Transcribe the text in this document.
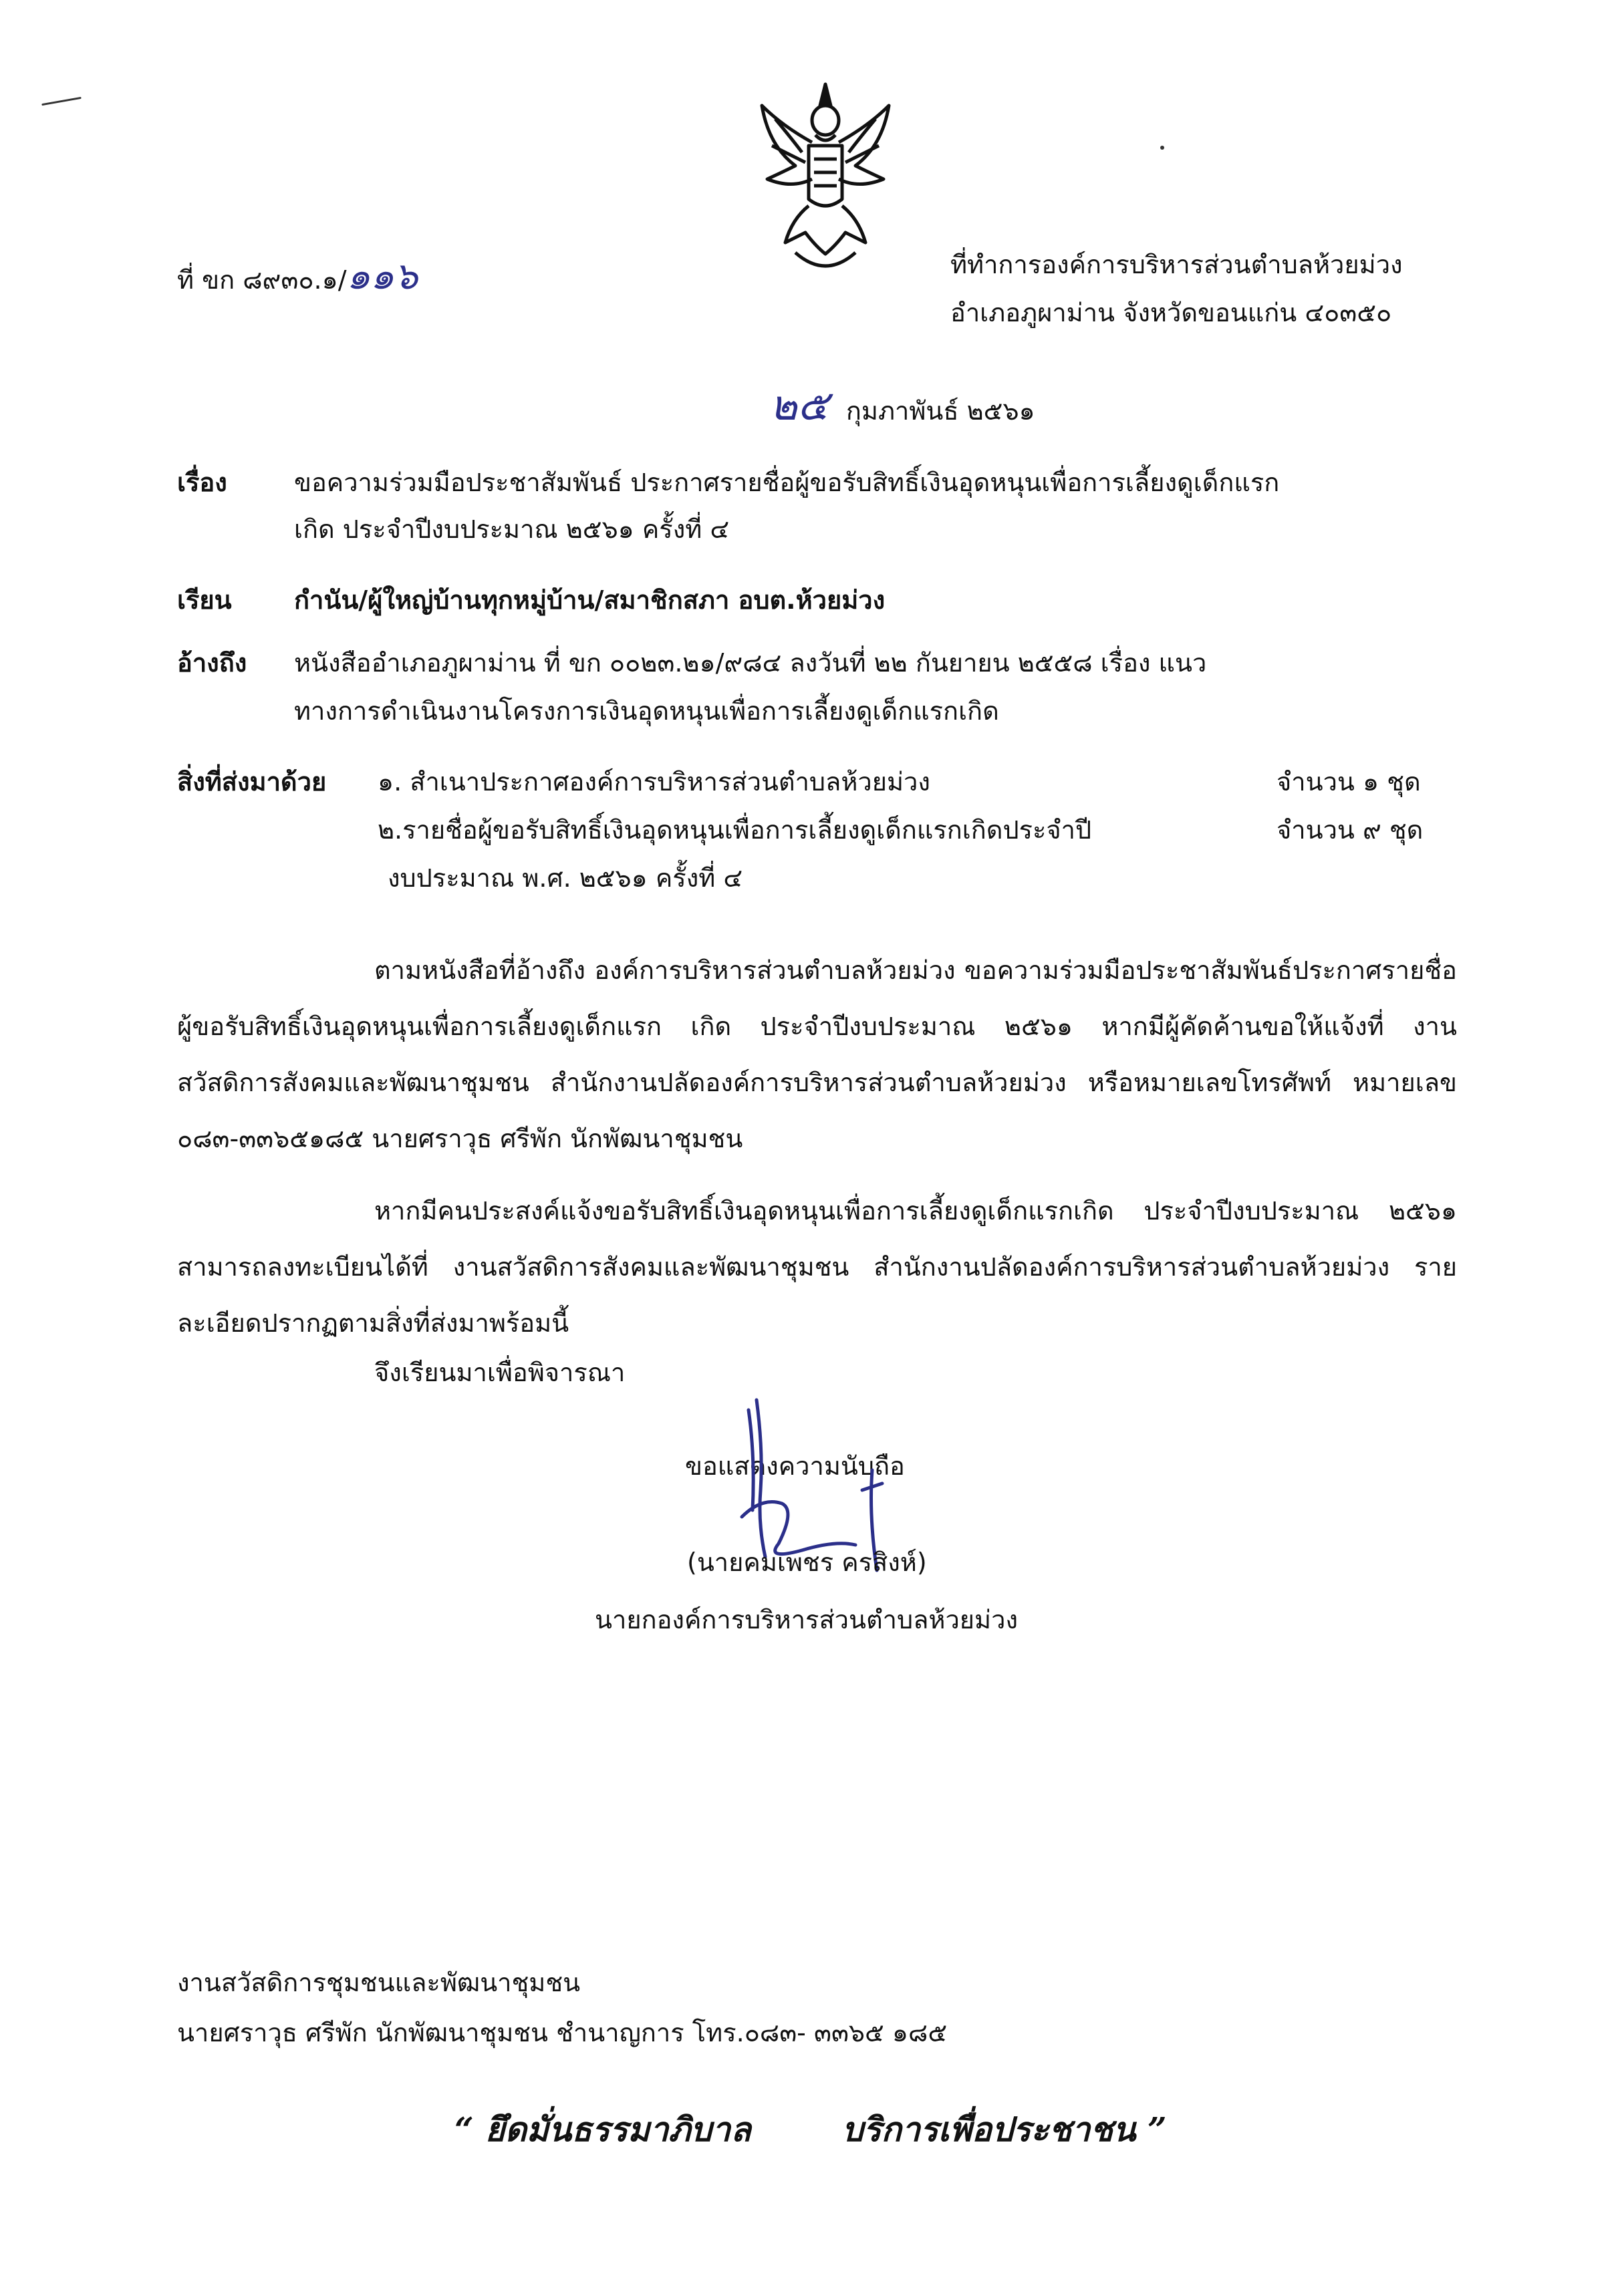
ที่ ขก ๘๙๓๐.๑/๑๑๖	ที่ทำการองค์การบริหารส่วนตำบลห้วยม่วง
อำเภอภูผาม่าน จังหวัดขอนแก่น ๔๐๓๕๐
๒๕ กุมภาพันธ์ ๒๕๖๑
เรื่อง	ขอความร่วมมือประชาสัมพันธ์ ประกาศรายชื่อผู้ขอรับสิทธิ์เงินอุดหนุนเพื่อการเลี้ยงดูเด็กแรก
เกิด ประจำปีงบประมาณ ๒๕๖๑ ครั้งที่ ๔
เรียน กำนัน/ผู้ใหญ่บ้านทุกหมู่บ้าน/สมาชิกสภา อบต.ห้วยม่วง
อ้างถึง หนังสืออำเภอภูผาม่าน ที่ ขก ๐๐๒๓.๒๑/๙๘๔ ลงวันที่ ๒๒ กันยายน ๒๕๕๘ เรื่อง แนว
ทางการดำเนินงานโครงการเงินอุดหนุนเพื่อการเลี้ยงดูเด็กแรกเกิด
สิ่งที่ส่งมาด้วย ๑. สำเนาประกาศองค์การบริหารส่วนตำบลห้วยม่วง	จำนวน ๑ ชุด
๒.รายชื่อผู้ขอรับสิทธิ์เงินอุดหนุนเพื่อการเลี้ยงดูเด็กแรกเกิดประจำปี	จำนวน ๙ ชุด
งบประมาณ พ.ศ. ๒๕๖๑ ครั้งที่ ๔
ตามหนังสือที่อ้างถึง องค์การบริหารส่วนตำบลห้วยม่วง ขอความร่วมมือประชาสัมพันธ์ประกาศรายชื่อผู้ขอรับสิทธิ์เงินอุดหนุนเพื่อการเลี้ยงดูเด็กแรก เกิด ประจำปีงบประมาณ ๒๕๖๑ หากมีผู้คัดค้านขอให้แจ้งที่ งานสวัสดิการสังคมและพัฒนาชุมชน สำนักงานปลัดองค์การบริหารส่วนตำบลห้วยม่วง หรือหมายเลขโทรศัพท์ หมายเลข ๐๘๓-๓๓๖๕๑๘๕ นายศราวุธ ศรีพัก นักพัฒนาชุมชน
หากมีคนประสงค์แจ้งขอรับสิทธิ์เงินอุดหนุนเพื่อการเลี้ยงดูเด็กแรกเกิด ประจำปีงบประมาณ ๒๕๖๑ สามารถลงทะเบียนได้ที่ งานสวัสดิการสังคมและพัฒนาชุมชน สำนักงานปลัดองค์การบริหารส่วนตำบลห้วยม่วง รายละเอียดปรากฏตามสิ่งที่ส่งมาพร้อมนี้
จึงเรียนมาเพื่อพิจารณา
ขอแสดงความนับถือ
(นายคมเพชร ครสิงห์)
นายกองค์การบริหารส่วนตำบลห้วยม่วง
งานสวัสดิการชุมชนและพัฒนาชุมชน
นายศราวุธ ศรีพัก นักพัฒนาชุมชน ชำนาญการ โทร.๐๘๓- ๓๓๖๕ ๑๘๕
“ ยึดมั่นธรรมาภิบาล	บริการเพื่อประชาชน ”
